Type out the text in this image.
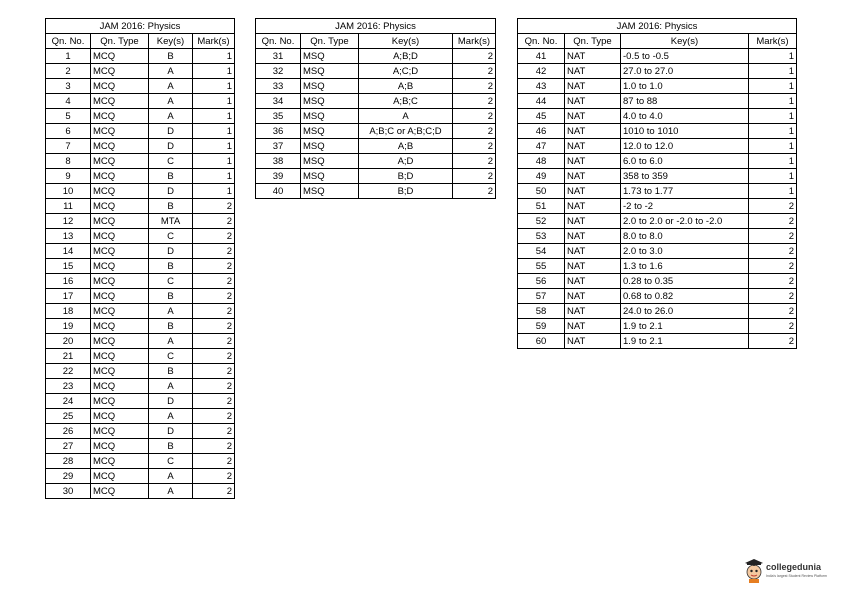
JAM 2016: Physics			
Qn. No.	Qn. Type	Key(s)	Mark(s)
1	MCQ	B	1
2	MCQ	A	1
3	MCQ	A	1
4	MCQ	A	1
5	MCQ	A	1
6	MCQ	D	1
7	MCQ	D	1
8	MCQ	C	1
9	MCQ	B	1
10	MCQ	D	1
11	MCQ	B	2
12	MCQ	MTA	2
13	MCQ	C	2
14	MCQ	D	2
15	MCQ	B	2
16	MCQ	C	2
17	MCQ	B	2
18	MCQ	A	2
19	MCQ	B	2
20	MCQ	A	2
21	MCQ	C	2
22	MCQ	B	2
23	MCQ	A	2
24	MCQ	D	2
25	MCQ	A	2
26	MCQ	D	2
27	MCQ	B	2
28	MCQ	C	2
29	MCQ	A	2
30	MCQ	A	2
JAM 2016: Physics			
Qn. No.	Qn. Type	Key(s)	Mark(s)
31	MSQ	A;B;D	2
32	MSQ	A;C;D	2
33	MSQ	A;B	2
34	MSQ	A;B;C	2
35	MSQ	A	2
36	MSQ	A;B;C or A;B;C;D	2
37	MSQ	A;B	2
38	MSQ	A;D	2
39	MSQ	B;D	2
40	MSQ	B;D	2
JAM 2016: Physics			
Qn. No.	Qn. Type	Key(s)	Mark(s)
41	NAT	-0.5 to -0.5	1
42	NAT	27.0 to 27.0	1
43	NAT	1.0 to 1.0	1
44	NAT	87 to 88	1
45	NAT	4.0 to 4.0	1
46	NAT	1010 to 1010	1
47	NAT	12.0 to 12.0	1
48	NAT	6.0 to 6.0	1
49	NAT	358 to 359	1
50	NAT	1.73 to 1.77	1
51	NAT	-2 to -2	2
52	NAT	2.0 to 2.0 or -2.0 to -2.0	2
53	NAT	8.0 to 8.0	2
54	NAT	2.0 to 3.0	2
55	NAT	1.3 to 1.6	2
56	NAT	0.28 to 0.35	2
57	NAT	0.68 to 0.82	2
58	NAT	24.0 to 26.0	2
59	NAT	1.9 to 2.1	2
60	NAT	1.9 to 2.1	2
collegedunia
India's largest Student Review Platform
